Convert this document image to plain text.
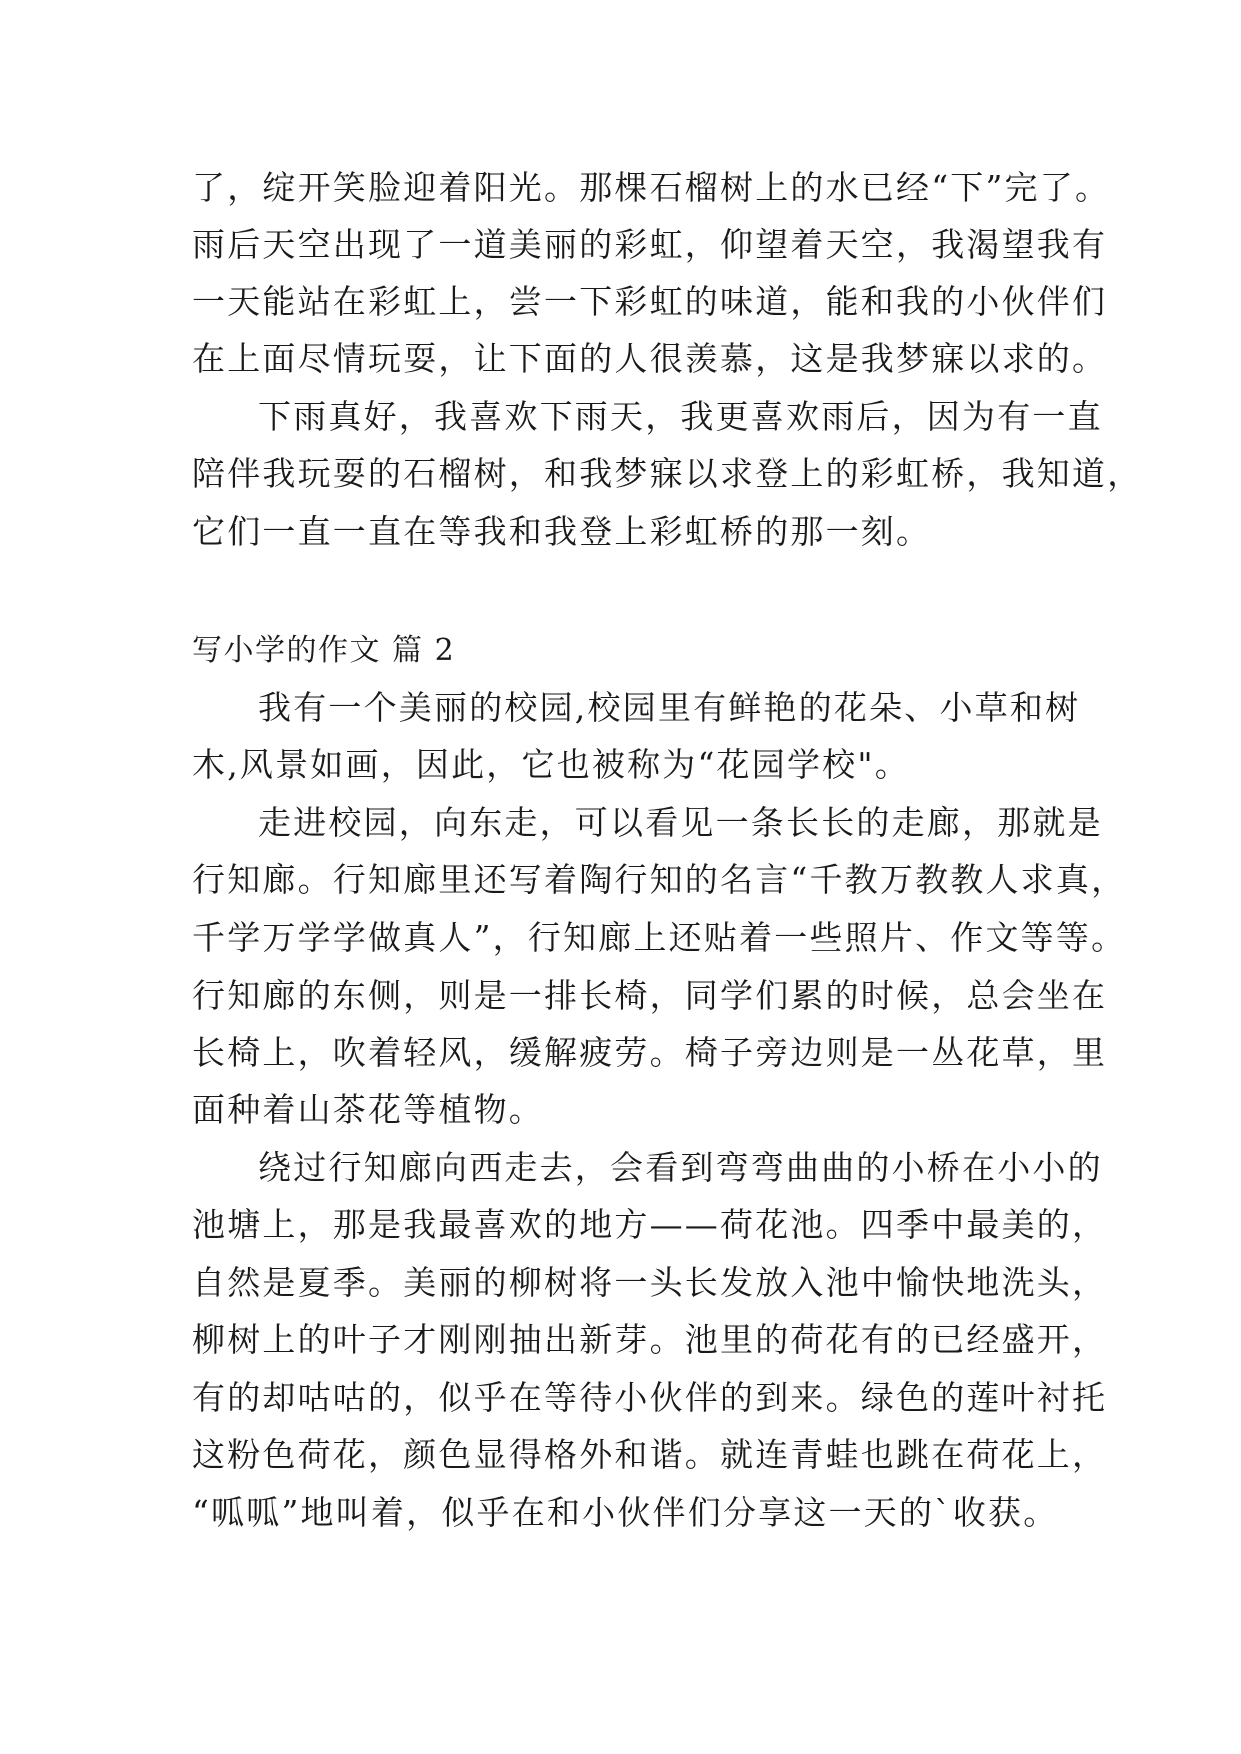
了，绽开笑脸迎着阳光。那棵石榴树上的水已经“下”完了。
雨后天空出现了一道美丽的彩虹，仰望着天空，我渴望我有
一天能站在彩虹上，尝一下彩虹的味道，能和我的小伙伴们
在上面尽情玩耍，让下面的人很羡慕，这是我梦寐以求的。
下雨真好，我喜欢下雨天，我更喜欢雨后，因为有一直
陪伴我玩耍的石榴树，和我梦寐以求登上的彩虹桥，我知道，
它们一直一直在等我和我登上彩虹桥的那一刻。
写小学的作文 篇 2
我有一个美丽的校园,校园里有鲜艳的花朵、小草和树
木,风景如画，因此，它也被称为“花园学校"。
走进校园，向东走，可以看见一条长长的走廊，那就是
行知廊。行知廊里还写着陶行知的名言“千教万教教人求真，
千学万学学做真人”，行知廊上还贴着一些照片、作文等等。
行知廊的东侧，则是一排长椅，同学们累的时候，总会坐在
长椅上，吹着轻风，缓解疲劳。椅子旁边则是一丛花草，里
面种着山茶花等植物。
绕过行知廊向西走去，会看到弯弯曲曲的小桥在小小的
池塘上，那是我最喜欢的地方——荷花池。四季中最美的，
自然是夏季。美丽的柳树将一头长发放入池中愉快地洗头，
柳树上的叶子才刚刚抽出新芽。池里的荷花有的已经盛开，
有的却咕咕的，似乎在等待小伙伴的到来。绿色的莲叶衬托
这粉色荷花，颜色显得格外和谐。就连青蛙也跳在荷花上，
“呱呱”地叫着，似乎在和小伙伴们分享这一天的`收获。
